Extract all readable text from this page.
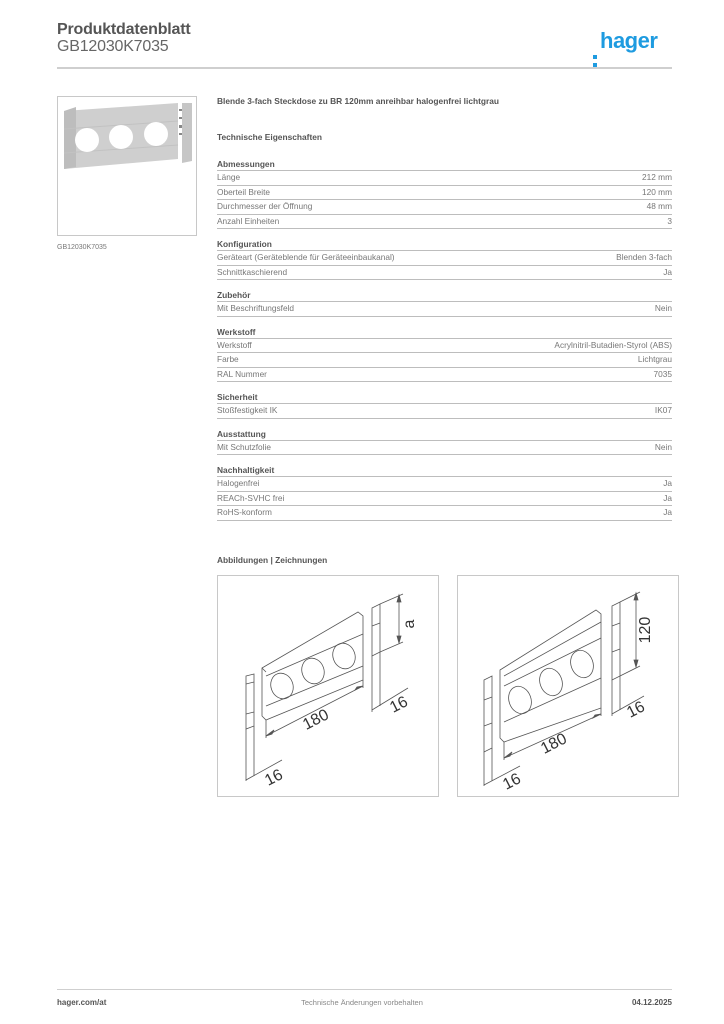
Produktdatenblatt
GB12030K7035	hager
GB12030K7035
Blende 3-fach Steckdose zu BR 120mm anreihbar halogenfrei lichtgrau
Technische Eigenschaften
Abmessungen
Länge	212 mm
Oberteil Breite	120 mm
Durchmesser der Öffnung	48 mm
Anzahl Einheiten	3
Konfiguration
Geräteart (Geräteblende für Geräteeinbaukanal)	Blenden 3-fach
Schnittkaschierend	Ja
Zubehör
Mit Beschriftungsfeld	Nein
Werkstoff
Werkstoff	Acrylnitril-Butadien-Styrol (ABS)
Farbe	Lichtgrau
RAL Nummer	7035
Sicherheit
Stoßfestigkeit IK	IK07
Ausstattung
Mit Schutzfolie	Nein
Nachhaltigkeit
Halogenfrei	Ja
REACh-SVHC frei	Ja
RoHS-konform	Ja
Abbildungen | Zeichnungen
a
180
16
16
120
180
16
16
hager.com/at	Technische Änderungen vorbehalten	04.12.2025
